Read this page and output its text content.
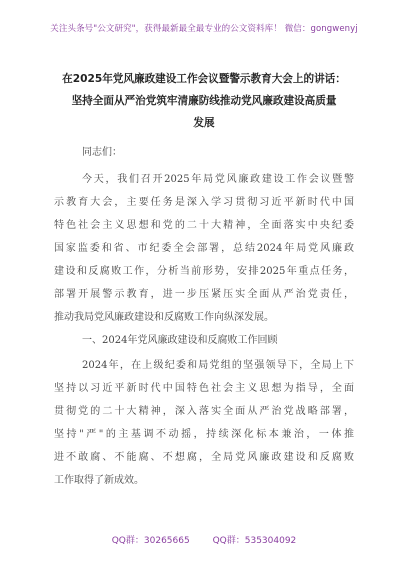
关注头条号"公文研究"，获得最新最全最专业的公文资料库！ 微信：gongwenyj
在2025年党风廉政建设工作会议暨警示教育大会上的讲话：
坚持全面从严治党筑牢清廉防线推动党风廉政建设高质量
发展
同志们：
今天，我们召开2025年局党风廉政建设工作会议暨警
示教育大会，主要任务是深入学习贯彻习近平新时代中国
特色社会主义思想和党的二十大精神，全面落实中央纪委
国家监委和省、市纪委全会部署，总结2024年局党风廉政
建设和反腐败工作，分析当前形势，安排2025年重点任务，
部署开展警示教育，进一步压紧压实全面从严治党责任，
推动我局党风廉政建设和反腐败工作向纵深发展。
一、2024年党风廉政建设和反腐败工作回顾
2024年，在上级纪委和局党组的坚强领导下，全局上下
坚持以习近平新时代中国特色社会主义思想为指导，全面
贯彻党的二十大精神，深入落实全面从严治党战略部署，
坚持"严"的主基调不动摇，持续深化标本兼治，一体推
进不敢腐、不能腐、不想腐，全局党风廉政建设和反腐败
工作取得了新成效。
QQ群：30265665	QQ群：535304092
